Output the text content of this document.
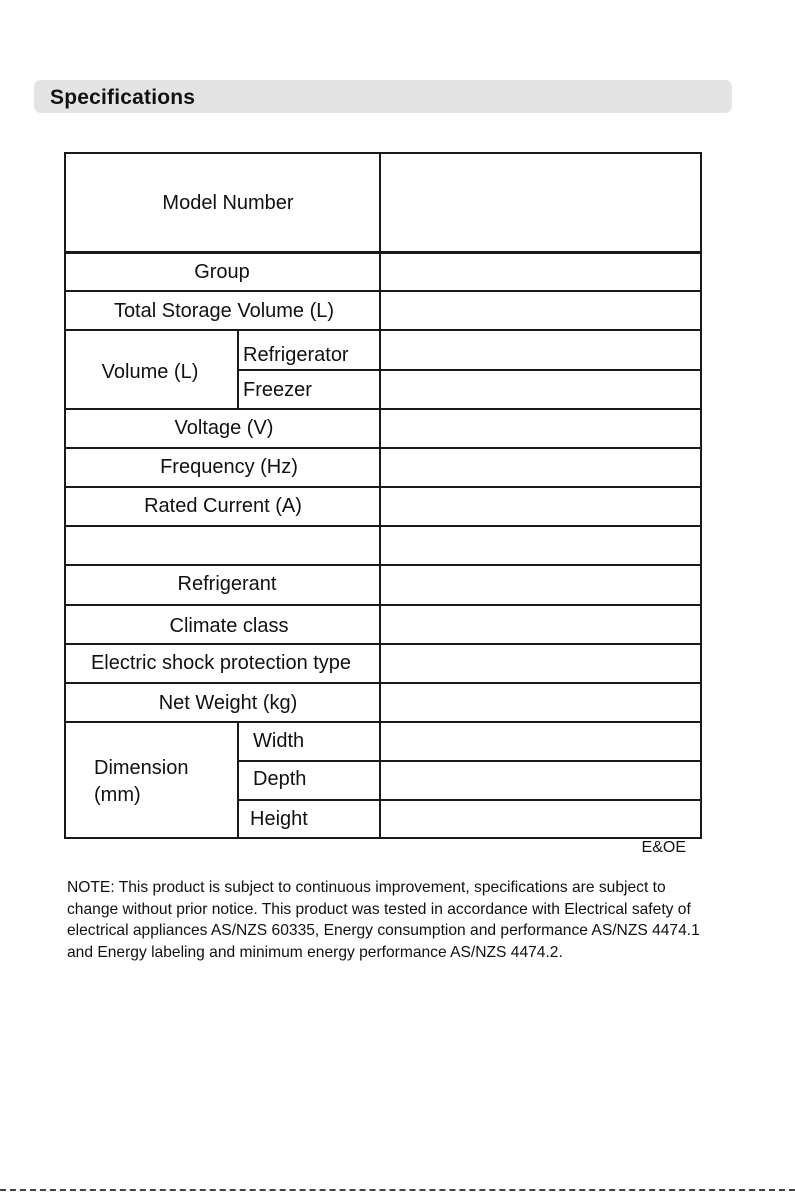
Specifications
Model Number
Group
Total Storage Volume (L)
Volume (L)
Refrigerator
Freezer
Voltage (V)
Frequency (Hz)
Rated Current (A)
Refrigerant
Climate class
Electric shock protection type
Net Weight (kg)
Dimension
(mm)
Width
Depth
Height
E&OE

NOTE: This product is subject to continuous improvement, specifications are subject to change without prior notice. This product was tested in accordance with Electrical safety of electrical appliances AS/NZS 60335, Energy consumption and performance AS/NZS 4474.1 and Energy labeling and minimum energy performance AS/NZS 4474.2.
